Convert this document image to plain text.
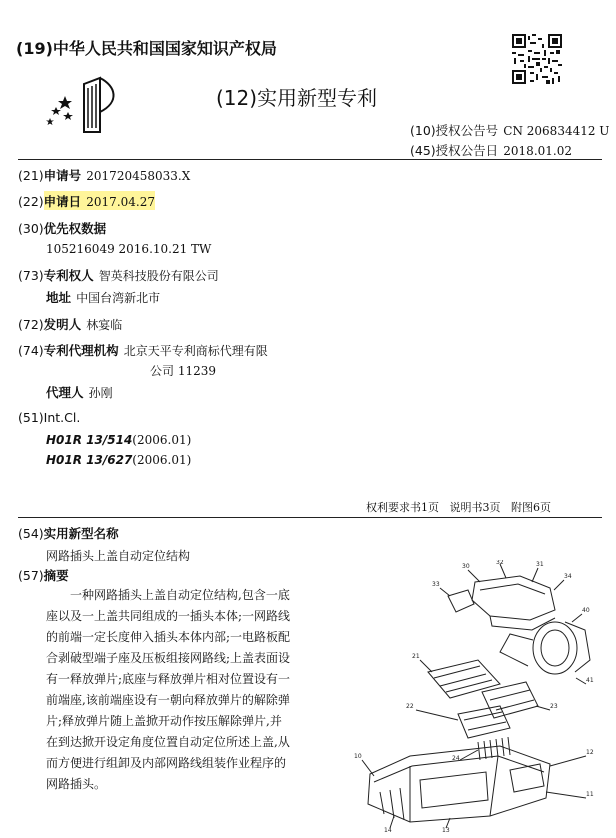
(19)中华人民共和国国家知识产权局
(12)实用新型专利
(10)授权公告号 CN 206834412 U
(45)授权公告日 2018.01.02
(21)申请号 201720458033.X
(22)申请日 2017.04.27
(30)优先权数据
105216049 2016.10.21 TW
(73)专利权人 智英科技股份有限公司
地址 中国台湾新北市
(72)发明人 林宴临
(74)专利代理机构 北京天平专利商标代理有限
公司 11239
代理人 孙刚
(51)Int.Cl.
H01R 13/514(2006.01)
H01R 13/627(2006.01)
权利要求书1页   说明书3页   附图6页
(54)实用新型名称
网路插头上盖自动定位结构
(57)摘要

一种网路插头上盖自动定位结构,包含一底

座以及一上盖共同组成的一插头本体;一网路线

的前端一定长度伸入插头本体内部;一电路板配

合剥破型端子座及压板组接网路线;上盖表面设

有一释放弹片;底座与释放弹片相对位置设有一

前端座,该前端座设有一朝向释放弹片的解除弹

片;释放弹片随上盖掀开动作按压解除弹片,并

在到达掀开设定角度位置自动定位所述上盖,从

而方便进行组卸及内部网路线组装作业程序的

网路插头。

30
32	31
34
33
40
21
41
22	23
24
12
10
11
13
14
